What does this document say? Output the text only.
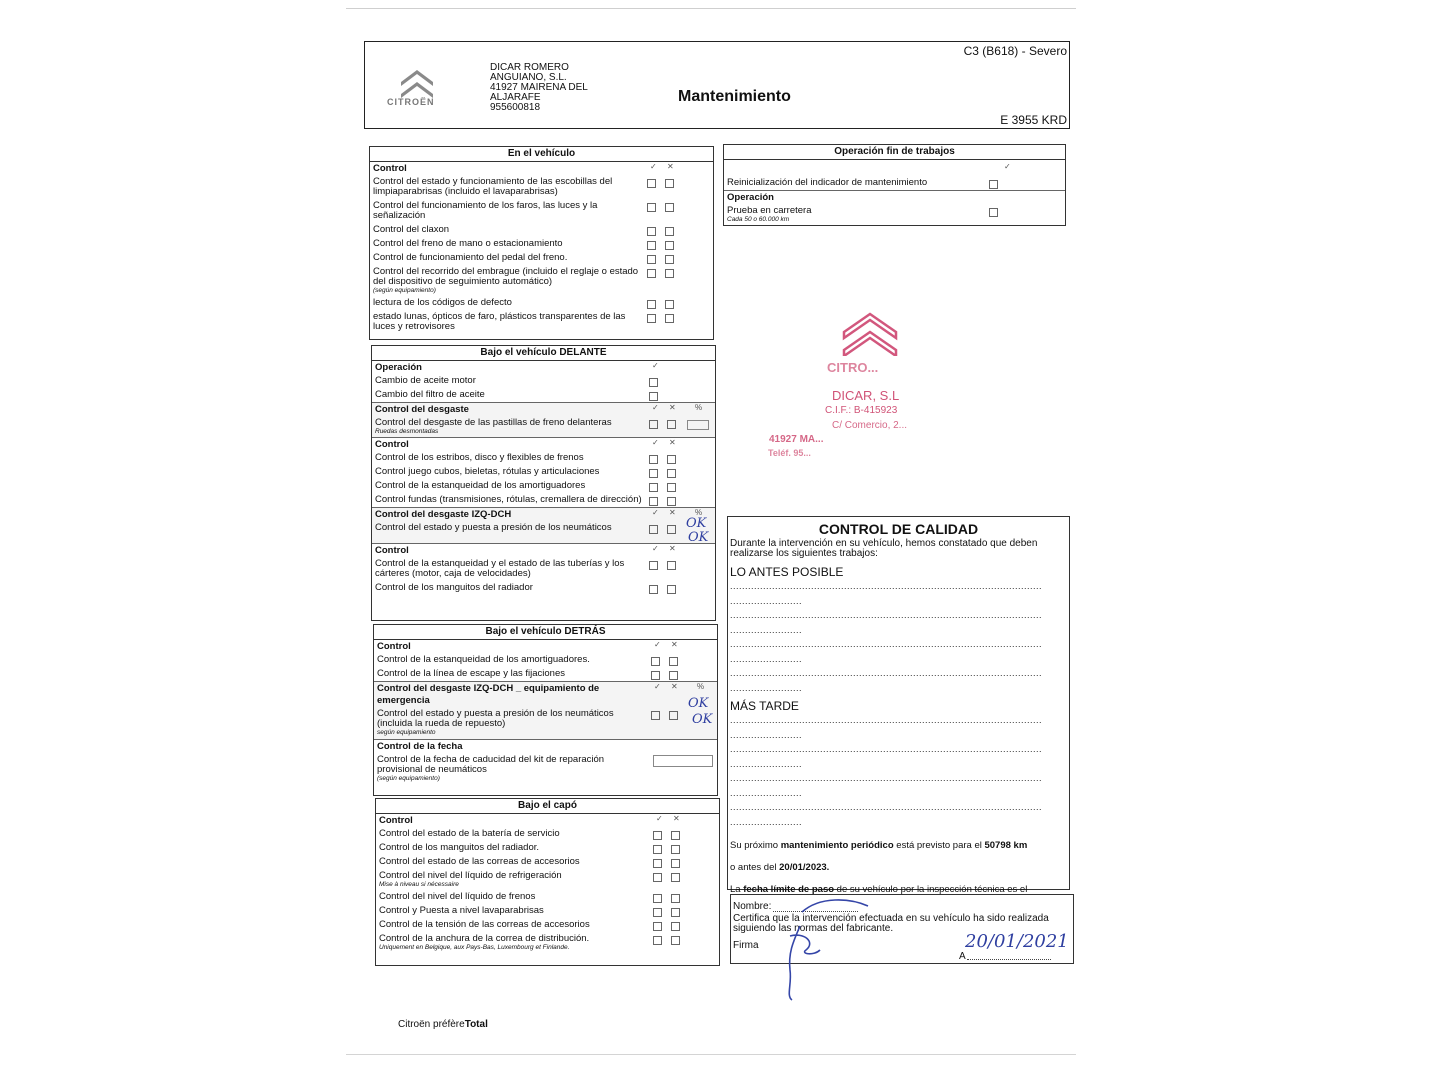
CITROËN
DICAR ROMERO
ANGUIANO, S.L.
41927 MAIRENA DEL
ALJARAFE
955600818
Mantenimiento
C3 (B618) - Severo
E 3955 KRD
En el vehículo
✓ ✕
Control
Control del estado y funcionamiento de las escobillas del limpiaparabrisas (incluido el lavaparabrisas)
Control del funcionamiento de los faros, las luces y la señalización
Control del claxon
Control del freno de mano o estacionamiento
Control de funcionamiento del pedal del freno.
Control del recorrido del embrague (incluido el reglaje o estado del dispositivo de seguimiento automático)
(según equipamiento)
lectura de los códigos de defecto
estado lunas, ópticos de faro, plásticos transparentes de las luces y retrovisores
Bajo el vehículo DELANTE
✓
Operación
Cambio de aceite motor
Cambio del filtro de aceite
✓ ✕ %
Control del desgaste
Control del desgaste de las pastillas de freno delanteras
Ruedas desmontadas
✓ ✕
Control
Control de los estribos, disco y flexibles de frenos
Control juego cubos, bieletas, rótulas y articulaciones
Control de la estanqueidad de los amortiguadores
Control fundas (transmisiones, rótulas, cremallera de dirección)
✓ ✕ %
Control del desgaste IZQ-DCH
Control del estado y puesta a presión de los neumáticos	OK
OK
✓ ✕
Control
Control de la estanqueidad y el estado de las tuberías y los cárteres (motor, caja de velocidades)
Control de los manguitos del radiador
Bajo el vehículo DETRÁS
✓ ✕
Control
Control de la estanqueidad de los amortiguadores.
Control de la línea de escape y las fijaciones
✓ ✕ %
Control del desgaste IZQ-DCH _ equipamiento de emergencia
Control del estado y puesta a presión de los neumáticos (incluida la rueda de repuesto)
según equipamiento
OK
OK
Control de la fecha
Control de la fecha de caducidad del kit de reparación provisional de neumáticos
(según equipamiento)
Bajo el capó
✓ ✕
Control
Control del estado de la batería de servicio
Control de los manguitos del radiador.
Control del estado de las correas de accesorios
Control del nivel del líquido de refrigeración
Mise à niveau si nécessaire
Control del nivel del líquido de frenos
Control y Puesta a nivel lavaparabrisas
Control de la tensión de las correas de accesorios
Control de la anchura de la correa de distribución.
Uniquement en Belgique, aux Pays-Bas, Luxembourg et Finlande.
Operación fin de trabajos
✓
Reinicialización del indicador de mantenimiento
Operación
Prueba en carretera
Cada 50 o 60.000 km
CITRO...
DICAR, S.L
C.I.F.: B-415923
C/ Comercio, 2...
41927 MA...
Teléf. 95...
CONTROL DE CALIDAD
Durante la intervención en su vehículo, hemos constatado que deben realizarse los siguientes trabajos:
LO ANTES POSIBLE
........................................................................................................
........................
........................................................................................................
........................
........................................................................................................
........................
........................................................................................................
........................
MÁS TARDE
........................................................................................................
........................
........................................................................................................
........................
........................................................................................................
........................
........................................................................................................
........................
Su próximo mantenimiento periódico está previsto para el 50798 km
o antes del 20/01/2023.
La fecha límite de paso de su vehículo por la inspección técnica es el
Nombre:
Certifica que la intervención efectuada en su vehículo ha sido realizada siguiendo las normas del fabricante.
Firma
A
20/01/2021
Citroën préfèreTotal
